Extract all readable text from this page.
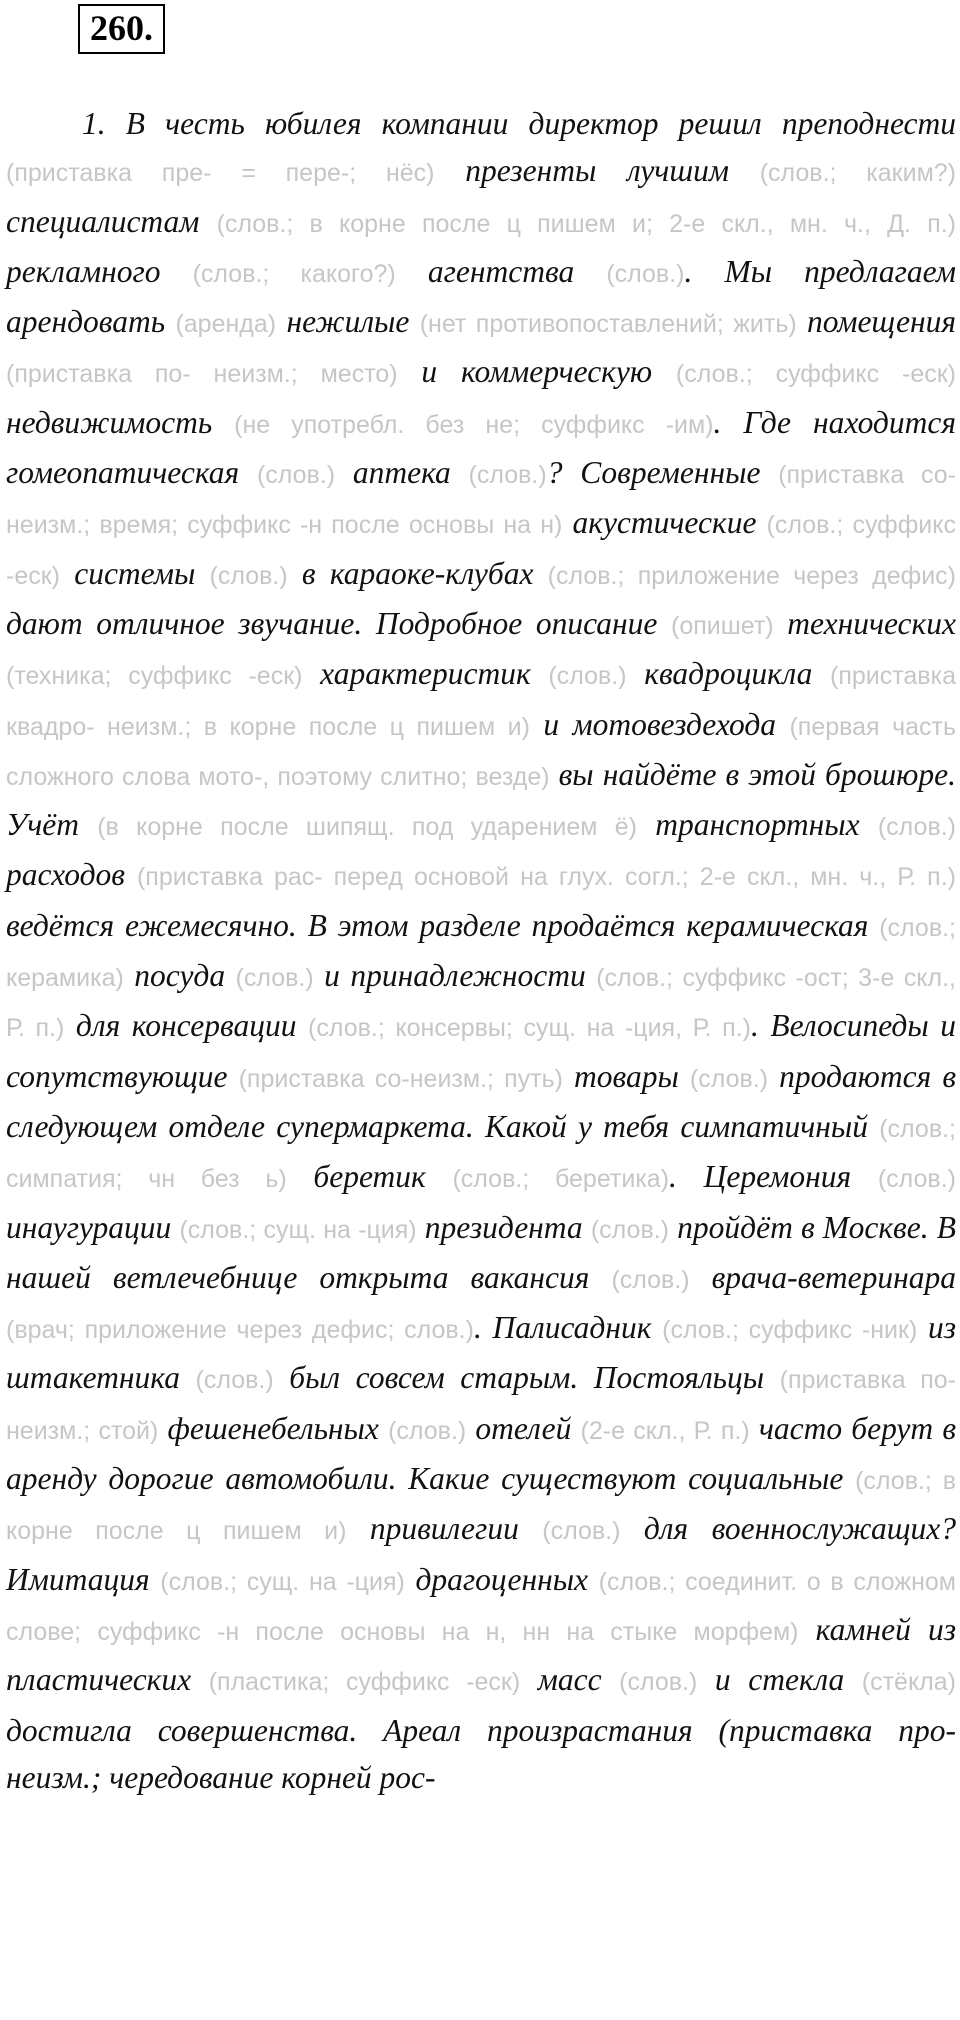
260.

1. В честь юбилея компании директор решил преподнести (приставка пре- = пере-; нёс) презенты лучшим (слов.; каким?) специалистам (слов.; в корне после ц пишем и; 2-е скл., мн. ч., Д. п.) рекламного (слов.; какого?) агентства (слов.). Мы предлагаем арендовать (аренда) нежилые (нет противопоставлений; жить) помещения (приставка по- неизм.; место) и коммерческую (слов.; суффикс -еск) недвижимость (не употребл. без не; суффикс -им). Где находится гомеопатическая (слов.) аптека (слов.)? Современные (приставка со- неизм.; время; суффикс -н после основы на н) акустические (слов.; суффикс -еск) системы (слов.) в караоке-клубах (слов.; приложение через дефис) дают отличное звучание. Подробное описание (опишет) технических (техника; суффикс -еск) характеристик (слов.) квадроцикла (приставка квадро- неизм.; в корне после ц пишем и) и мотовездехода (первая часть сложного слова мото-, поэтому слитно; везде) вы найдёте в этой брошюре. Учёт (в корне после шипящ. под ударением ё) транспортных (слов.) расходов (приставка рас- перед основой на глух. согл.; 2-е скл., мн. ч., Р. п.) ведётся ежемесячно. В этом разделе продаётся керамическая (слов.; керамика) посуда (слов.) и принадлежности (слов.; суффикс -ост; 3-е скл., Р. п.) для консервации (слов.; консервы; сущ. на -ция, Р. п.). Велосипеды и сопутствующие (приставка со-неизм.; путь) товары (слов.) продаются в следующем отделе супермаркета. Какой у тебя симпатичный (слов.; симпатия; чн без ь) беретик (слов.; беретика). Церемония (слов.) инаугурации (слов.; сущ. на -ция) президента (слов.) пройдёт в Москве. В нашей ветлечебнице открыта вакансия (слов.) врача-ветеринара (врач; приложение через дефис; слов.). Палисадник (слов.; суффикс -ник) из штакетника (слов.) был совсем старым. Постояльцы (приставка по- неизм.; стой) фешенебельных (слов.) отелей (2-е скл., Р. п.) часто берут в аренду дорогие автомобили. Какие существуют социальные (слов.; в корне после ц пишем и) привилегии (слов.) для военнослужащих? Имитация (слов.; сущ. на -ция) драгоценных (слов.; соединит. о в сложном слове; суффикс -н после основы на н, нн на стыке морфем) камней из пластических (пластика; суффикс -еск) масс (слов.) и стекла (стёкла) достигла совершенства. Ареал произрастания (приставка про- неизм.; чередование корней рос-
